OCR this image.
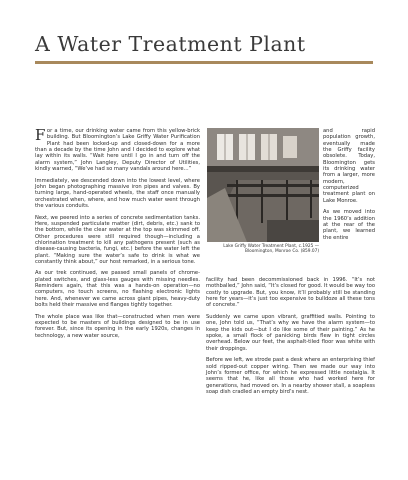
A Water Treatment Plant

For a time, our drinking water came from this yellow-brick building. But Bloomington’s Lake Griffy Water Purification Plant had been locked-up and closed-down for a more than a decade by the time John and I decided to explore what lay within its walls. “Wait here until I go in and turn off the alarm system,” John Langley, Deputy Director of Utilities, kindly warned, “We’ve had so many vandals around here…”

Immediately, we descended down into the lowest level, where John began photographing massive iron pipes and valves. By turning large, hand-operated wheels, the staff once manually orchestrated when, where, and how much water went through the various conduits.

Next, we peered into a series of concrete sedimentation tanks. Here, suspended particulate matter (dirt, debris, etc.) sank to the bottom, while the clear water at the top was skimmed off. Other procedures were still required though—including a chlorination treatment to kill any pathogens present (such as disease-causing bacteria, fungi, etc.) before the water left the plant. “Making sure the water’s safe to drink is what we constantly think about,” our host remarked, in a serious tone.

As our trek continued, we passed small panels of chrome-plated switches, and glass-less gauges with missing needles. Reminders again, that this was a hands-on operation—no computers, no touch screens, no flashing electronic lights here. And, whenever we came across giant pipes, heavy-duty bolts held their massive end flanges tightly together.

The whole place was like that—constructed when men were expected to be masters of buildings designed to be in use forever. But, since its opening in the early 1920s, changes in technology, a new water source,

Lake Griffy Water Treatment Plant, c.1925 —Bloomington, Monroe Co. (859.07)

and rapid population growth, eventually made the Griffy facility obsolete. Today, Bloomington gets its drinking water from a larger, more modern, computerized treatment plant on Lake Monroe.

As we moved into the 1960’s addition at the rear of the plant, we learned the entire

facility had been decommissioned back in 1996. “It’s not mothballed,” John said, “It’s closed for good. It would be way too costly to upgrade. But, you know, it’ll probably still be standing here for years—it’s just too expensive to bulldoze all these tons of concrete.”

Suddenly we came upon vibrant, graffitied walls. Pointing to one, John told us, “That’s why we have the alarm system—to keep the kids out—but I do like some of their painting.” As he spoke, a small flock of panicking birds flew in tight circles overhead. Below our feet, the asphalt-tiled floor was white with their droppings.

Before we left, we strode past a desk where an enterprising thief sold ripped-out copper wiring. Then we made our way into John’s former office, for which he expressed little nostalgia. It seems that he, like all those who had worked here for generations, had moved on. In a nearby shower stall, a soapless soap dish cradled an empty bird’s nest.
